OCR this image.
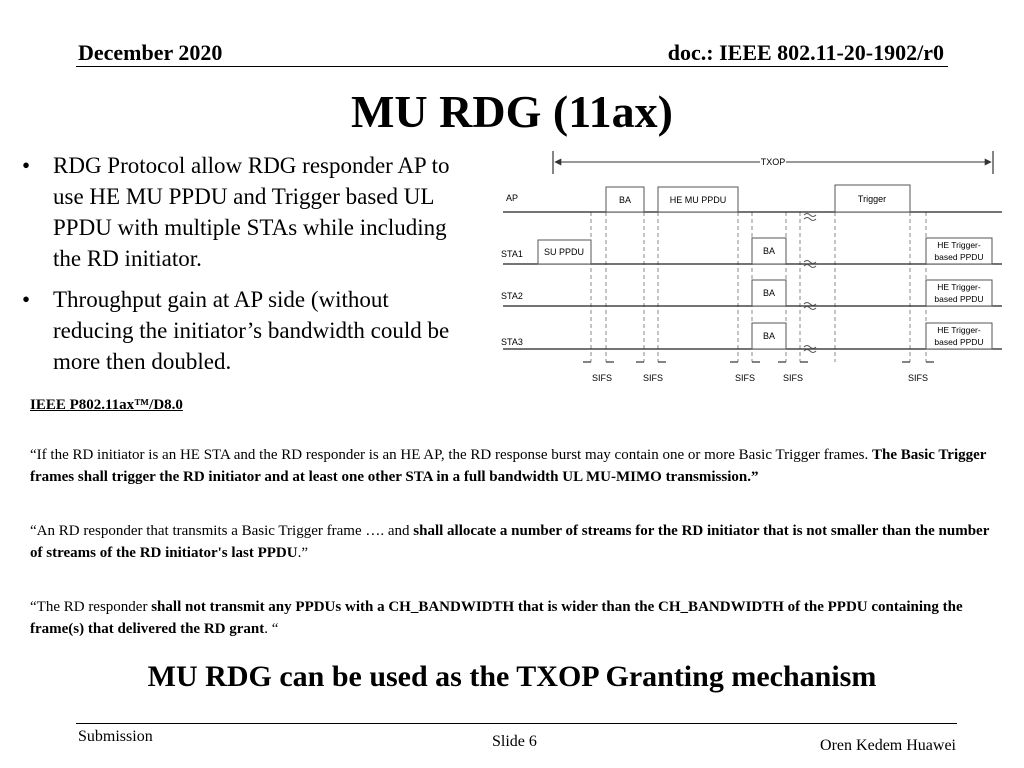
December 2020	doc.: IEEE 802.11-20-1902/r0
MU RDG (11ax)
• RDG Protocol allow RDG responder AP to use HE MU PPDU and Trigger based UL PPDU with multiple STAs while including the RD initiator.
• Throughput gain at AP side (without reducing the initiator’s bandwidth could be more then doubled.
TXOP
AP
STA1
STA2
STA3
BA	HE MU PPDU	Trigger
SU PPDU	BA
HE Trigger-
based PPDU
BA
HE Trigger-
based PPDU
BA
HE Trigger-
based PPDU
SIFS	SIFS	SIFS	SIFS	SIFS
IEEE P802.11ax™/D8.0
“If the RD initiator is an HE STA and the RD responder is an HE AP, the RD response burst may contain one or more Basic Trigger frames. The Basic Trigger frames shall trigger the RD initiator and at least one other STA in a full bandwidth UL MU-MIMO transmission.”
“An RD responder that transmits a Basic Trigger frame …. and shall allocate a number of streams for the RD initiator that is not smaller than the number of streams of the RD initiator's last PPDU.”
“The RD responder shall not transmit any PPDUs with a CH_BANDWIDTH that is wider than the CH_BANDWIDTH of the PPDU containing the frame(s) that delivered the RD grant. “
MU RDG can be used as the TXOP Granting mechanism
Submission	Slide 6	Oren Kedem Huawei
